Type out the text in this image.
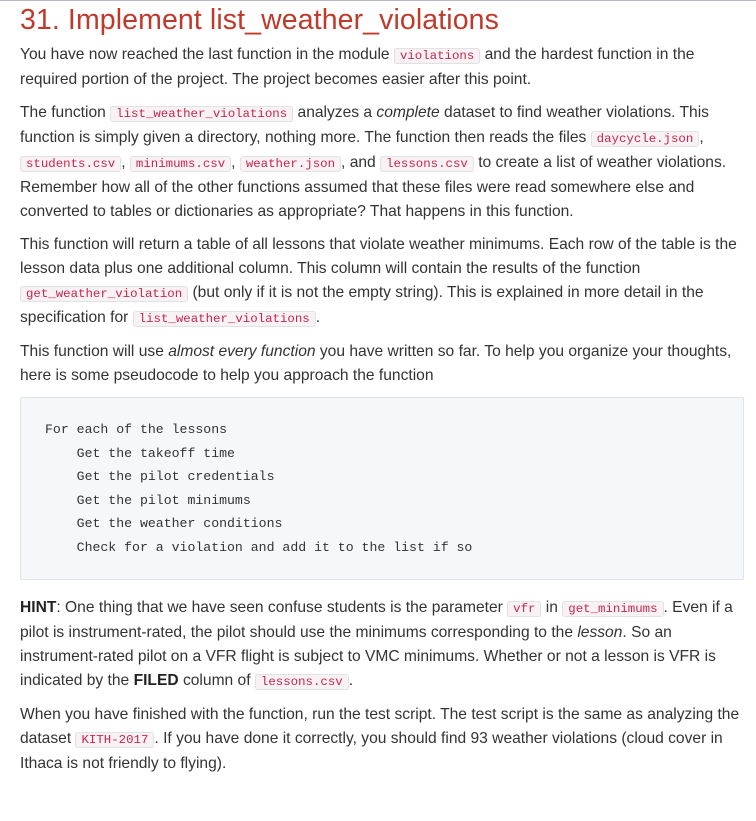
31. Implement list_weather_violations

You have now reached the last function in the module violations and the hardest function in the required portion of the project. The project becomes easier after this point.

The function list_weather_violations analyzes a complete dataset to find weather violations. This function is simply given a directory, nothing more. The function then reads the files daycycle.json , students.csv , minimums.csv , weather.json , and lessons.csv to create a list of weather violations. Remember how all of the other functions assumed that these files were read somewhere else and converted to tables or dictionaries as appropriate? That happens in this function.

This function will return a table of all lessons that violate weather minimums. Each row of the table is the lesson data plus one additional column. This column will contain the results of the function get_weather_violation (but only if it is not the empty string). This is explained in more detail in the specification for list_weather_violations .

This function will use almost every function you have written so far. To help you organize your thoughts, here is some pseudocode to help you approach the function

For each of the lessons
Get the takeoff time
Get the pilot credentials
Get the pilot minimums
Get the weather conditions
Check for a violation and add it to the list if so

HINT: One thing that we have seen confuse students is the parameter vfr in get_minimums . Even if a pilot is instrument-rated, the pilot should use the minimums corresponding to the lesson. So an instrument-rated pilot on a VFR flight is subject to VMC minimums. Whether or not a lesson is VFR is indicated by the FILED column of lessons.csv .

When you have finished with the function, run the test script. The test script is the same as analyzing the dataset KITH-2017 . If you have done it correctly, you should find 93 weather violations (cloud cover in Ithaca is not friendly to flying).
